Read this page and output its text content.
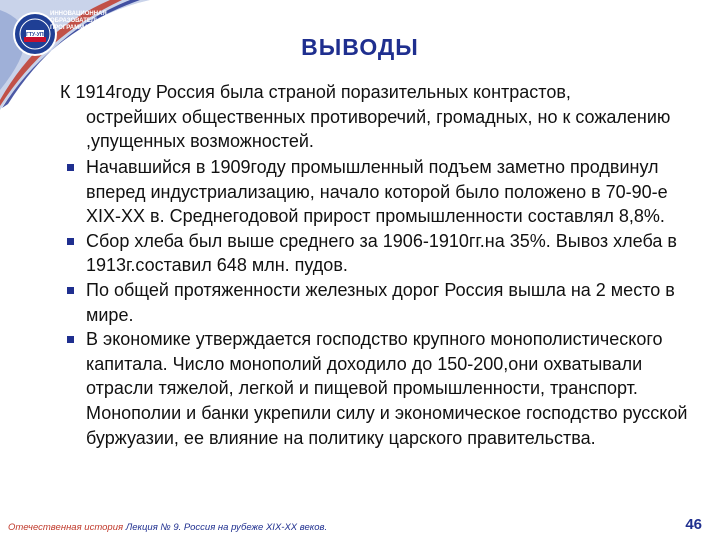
УГТУ-УПИ
ИННОВАЦИОННАЯ
ОБРАЗОВАТЕЛЬНАЯ
ПРОГРАММА
ВЫВОДЫ

К 1914году Россия была страной поразительных контрастов,
острейших общественных противоречий, громадных, но к сожалению ,упущенных возможностей.

Начавшийся в 1909году промышленный подъем заметно продвинул вперед индустриализацию, начало которой было положено в 70-90-е XIX-XX в. Среднегодовой прирост промышленности составлял 8,8%.
Сбор хлеба был выше среднего за 1906-1910гг.на 35%. Вывоз хлеба в 1913г.составил 648 млн. пудов.
По общей протяженности железных дорог Россия вышла на 2 место в мире.
В экономике утверждается господство крупного монополистического капитала. Число монополий доходило до 150-200,они охватывали отрасли тяжелой, легкой и пищевой промышленности, транспорт. Монополии и банки укрепили силу и экономическое господство русской буржуазии, ее влияние на политику царского правительства.
Отечественная история Лекция № 9. Россия на рубеже XIX-XX веков.	46
